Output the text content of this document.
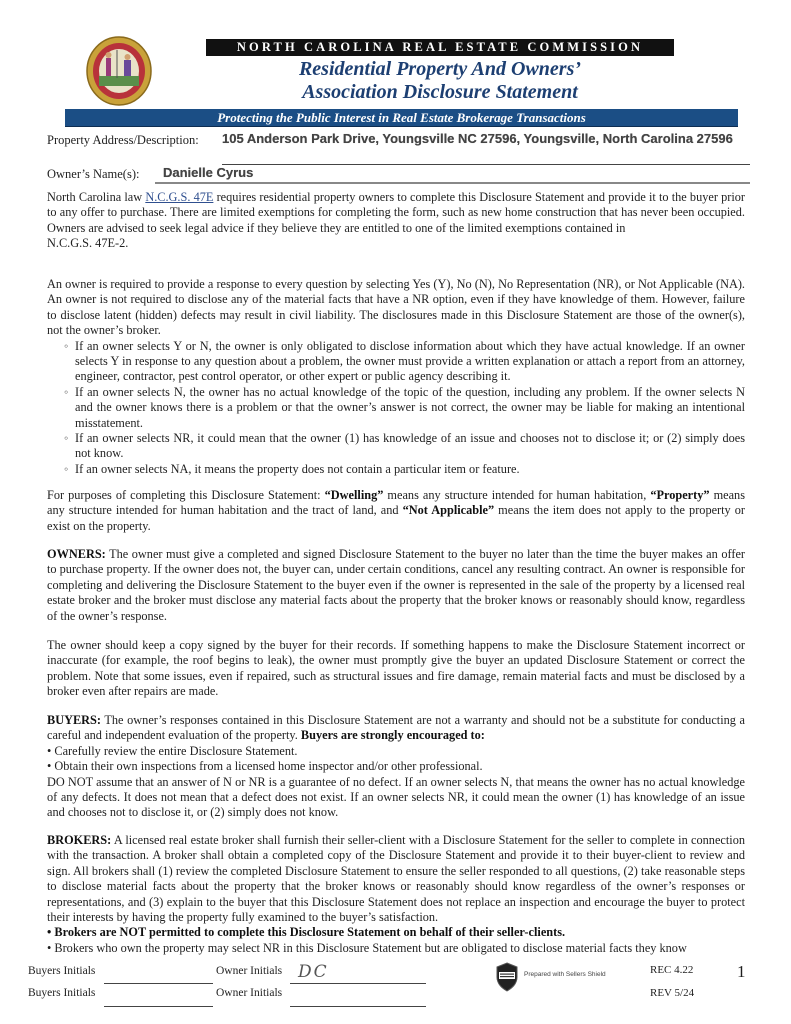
NORTH CAROLINA REAL ESTATE COMMISSION
Residential Property And Owners’
Association Disclosure Statement
Protecting the Public Interest in Real Estate Brokerage Transactions
Property Address/Description: 105 Anderson Park Drive, Youngsville NC 27596, Youngsville, North Carolina 27596
Owner’s Name(s): Danielle Cyrus
North Carolina law N.C.G.S. 47E requires residential property owners to complete this Disclosure Statement and provide it to the buyer prior to any offer to purchase. There are limited exemptions for completing the form, such as new home construction that has never been occupied. Owners are advised to seek legal advice if they believe they are entitled to one of the limited exemptions contained in
N.C.G.S. 47E-2.
An owner is required to provide a response to every question by selecting Yes (Y), No (N), No Representation (NR), or Not Applicable (NA). An owner is not required to disclose any of the material facts that have a NR option, even if they have knowledge of them. However, failure to disclose latent (hidden) defects may result in civil liability. The disclosures made in this Disclosure Statement are those of the owner(s), not the owner’s broker.
◦ If an owner selects Y or N, the owner is only obligated to disclose information about which they have actual knowledge. If an owner selects Y in response to any question about a problem, the owner must provide a written explanation or attach a report from an attorney, engineer, contractor, pest control operator, or other expert or public agency describing it.
◦ If an owner selects N, the owner has no actual knowledge of the topic of the question, including any problem. If the owner selects N and the owner knows there is a problem or that the owner’s answer is not correct, the owner may be liable for making an intentional misstatement.
◦ If an owner selects NR, it could mean that the owner (1) has knowledge of an issue and chooses not to disclose it; or (2) simply does not know.
◦ If an owner selects NA, it means the property does not contain a particular item or feature.
For purposes of completing this Disclosure Statement: “Dwelling” means any structure intended for human habitation, “Property” means any structure intended for human habitation and the tract of land, and “Not Applicable” means the item does not apply to the property or exist on the property.
OWNERS: The owner must give a completed and signed Disclosure Statement to the buyer no later than the time the buyer makes an offer to purchase property. If the owner does not, the buyer can, under certain conditions, cancel any resulting contract. An owner is responsible for completing and delivering the Disclosure Statement to the buyer even if the owner is represented in the sale of the property by a licensed real estate broker and the broker must disclose any material facts about the property that the broker knows or reasonably should know, regardless of the owner’s response.
The owner should keep a copy signed by the buyer for their records. If something happens to make the Disclosure Statement incorrect or inaccurate (for example, the roof begins to leak), the owner must promptly give the buyer an updated Disclosure Statement or correct the problem. Note that some issues, even if repaired, such as structural issues and fire damage, remain material facts and must be disclosed by a broker even after repairs are made.
BUYERS: The owner’s responses contained in this Disclosure Statement are not a warranty and should not be a substitute for conducting a careful and independent evaluation of the property. Buyers are strongly encouraged to:
• Carefully review the entire Disclosure Statement.
• Obtain their own inspections from a licensed home inspector and/or other professional.
DO NOT assume that an answer of N or NR is a guarantee of no defect. If an owner selects N, that means the owner has no actual knowledge of any defects. It does not mean that a defect does not exist. If an owner selects NR, it could mean the owner (1) has knowledge of an issue and chooses not to disclose it, or (2) simply does not know.
BROKERS: A licensed real estate broker shall furnish their seller-client with a Disclosure Statement for the seller to complete in connection with the transaction. A broker shall obtain a completed copy of the Disclosure Statement and provide it to their buyer-client to review and sign. All brokers shall (1) review the completed Disclosure Statement to ensure the seller responded to all questions, (2) take reasonable steps to disclose material facts about the property that the broker knows or reasonably should know regardless of the owner’s responses or representations, and (3) explain to the buyer that this Disclosure Statement does not replace an inspection and encourage the buyer to protect their interests by having the property fully examined to the buyer’s satisfaction.
• Brokers are NOT permitted to complete this Disclosure Statement on behalf of their seller-clients.
• Brokers who own the property may select NR in this Disclosure Statement but are obligated to disclose material facts they know
Buyers Initials
Buyers Initials
Owner Initials DC
Owner Initials
Prepared with Sellers Shield	REC 4.22
REV 5/24
1
